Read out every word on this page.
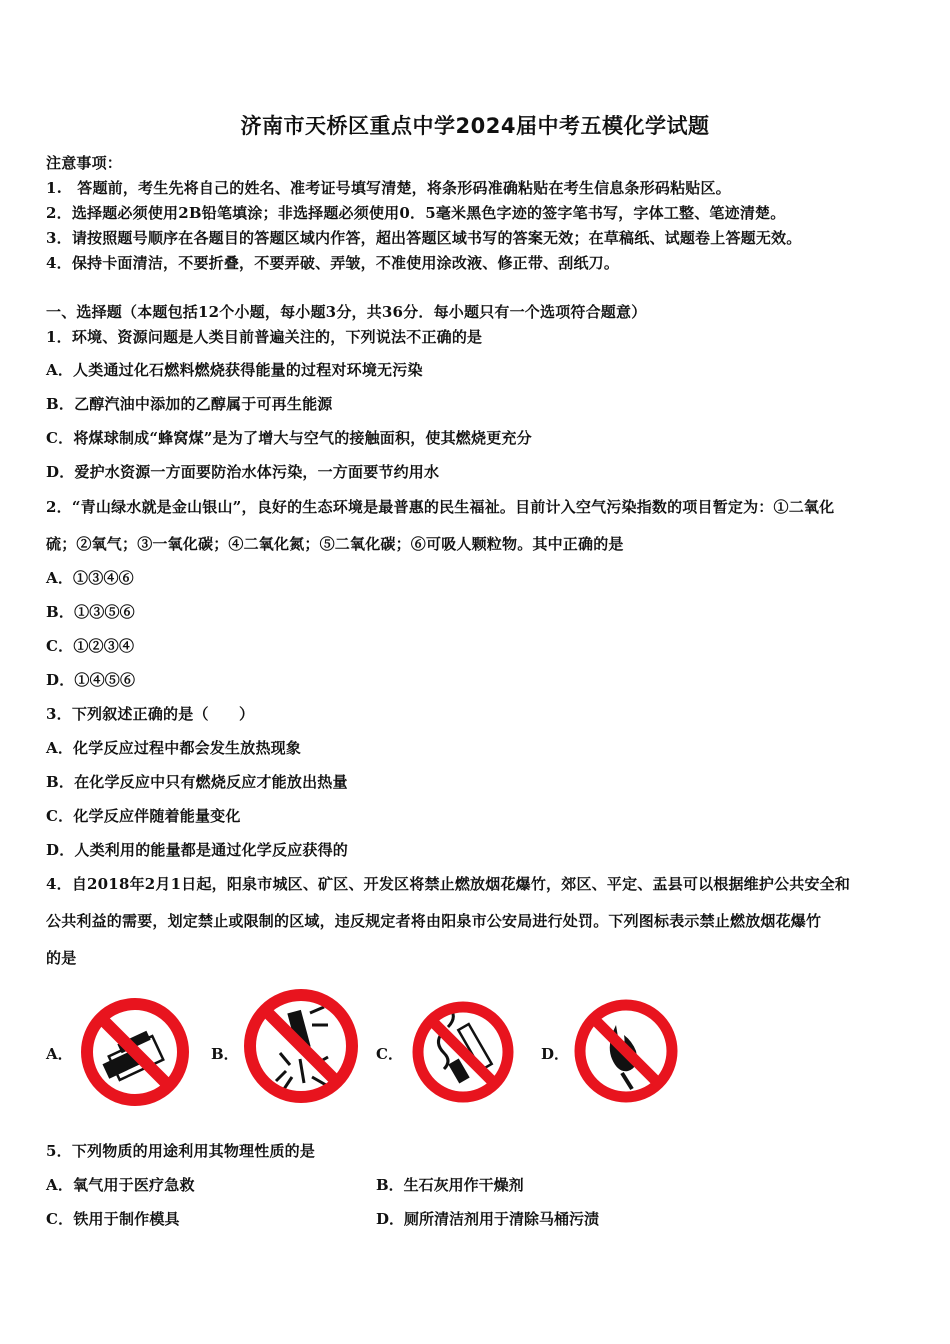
济南市天桥区重点中学2024届中考五模化学试题
注意事项：
1.　答题前，考生先将自己的姓名、准考证号填写清楚，将条形码准确粘贴在考生信息条形码粘贴区。
2．选择题必须使用2B铅笔填涂；非选择题必须使用0．5毫米黑色字迹的签字笔书写，字体工整、笔迹清楚。
3．请按照题号顺序在各题目的答题区域内作答，超出答题区域书写的答案无效；在草稿纸、试题卷上答题无效。
4．保持卡面清洁，不要折叠，不要弄破、弄皱，不准使用涂改液、修正带、刮纸刀。
一、选择题（本题包括12个小题，每小题3分，共36分．每小题只有一个选项符合题意）
1．环境、资源问题是人类目前普遍关注的，下列说法不正确的是
A．人类通过化石燃料燃烧获得能量的过程对环境无污染
B．乙醇汽油中添加的乙醇属于可再生能源
C．将煤球制成“蜂窝煤”是为了增大与空气的接触面积，使其燃烧更充分
D．爱护水资源一方面要防治水体污染，一方面要节约用水
2．“青山绿水就是金山银山”，良好的生态环境是最普惠的民生福祉。目前计入空气污染指数的项目暂定为：①二氧化
硫；②氧气；③一氧化碳；④二氧化氮；⑤二氧化碳；⑥可吸人颗粒物。其中正确的是
A．①③④⑥
B．①③⑤⑥
C．①②③④
D．①④⑤⑥
3．下列叙述正确的是（　　）
A．化学反应过程中都会发生放热现象
B．在化学反应中只有燃烧反应才能放出热量
C．化学反应伴随着能量变化
D．人类利用的能量都是通过化学反应获得的
4．自2018年2月1日起，阳泉市城区、矿区、开发区将禁止燃放烟花爆竹，郊区、平定、盂县可以根据维护公共安全和
公共利益的需要，划定禁止或限制的区域，违反规定者将由阳泉市公安局进行处罚。下列图标表示禁止燃放烟花爆竹
的是
A．	B．	C．	D．
5．下列物质的用途利用其物理性质的是
A．氧气用于医疗急救	B．生石灰用作干燥剂
C．铁用于制作模具	D．厕所清洁剂用于清除马桶污渍
